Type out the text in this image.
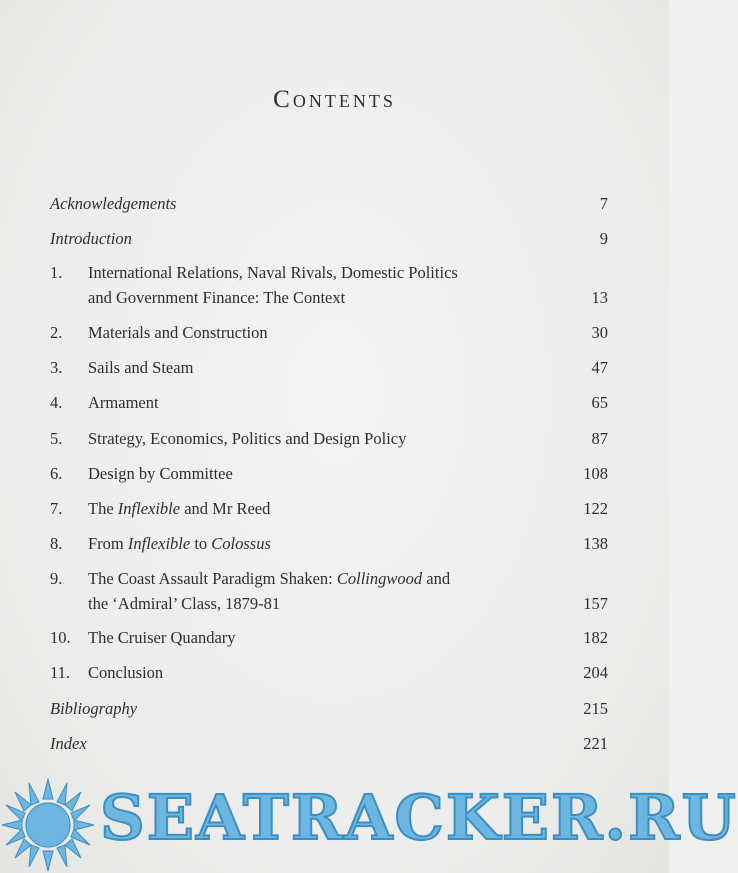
Contents
Acknowledgements	7
Introduction	9
1. International Relations, Naval Rivals, Domestic Politics
and Government Finance: The Context	13
2. Materials and Construction	30
3. Sails and Steam	47
4. Armament	65
5. Strategy, Economics, Politics and Design Policy	87
6. Design by Committee	108
7. The Inflexible and Mr Reed	122
8. From Inflexible to Colossus	138
9. The Coast Assault Paradigm Shaken: Collingwood and
the ‘Admiral’ Class, 1879-81	157
10. The Cruiser Quandary	182
11. Conclusion	204
Bibliography	215
Index	221
SEATRACKER.RU
